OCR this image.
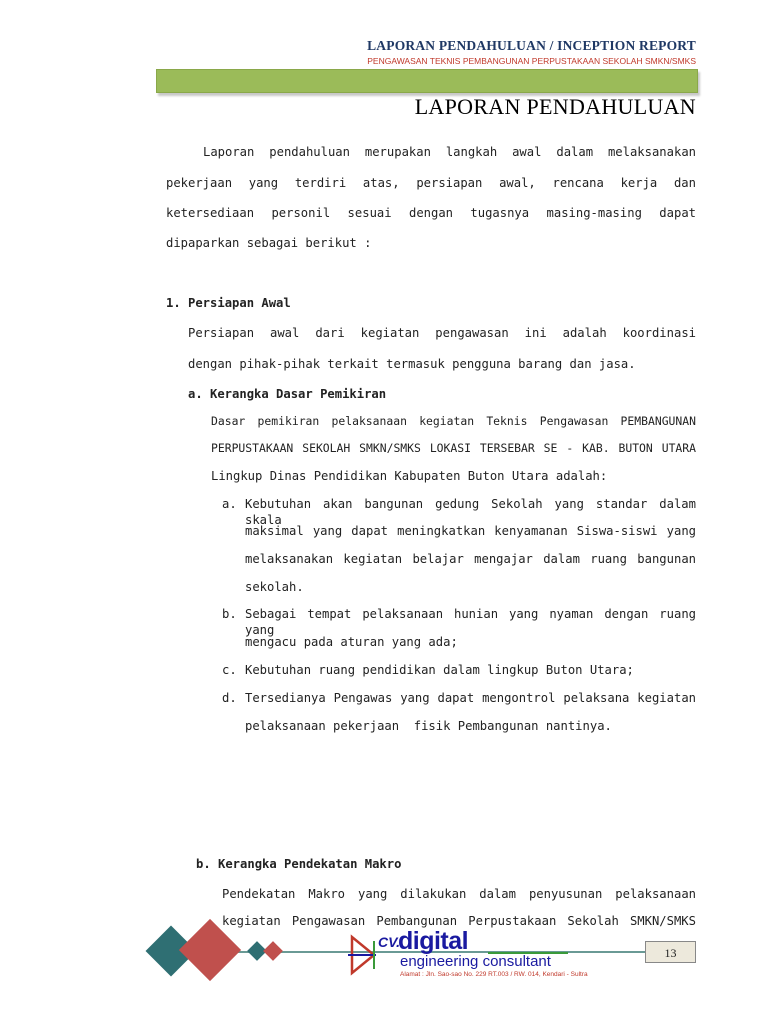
LAPORAN PENDAHULUAN / INCEPTION REPORT
PENGAWASAN TEKNIS PEMBANGUNAN PERPUSTAKAAN SEKOLAH SMKN/SMKS
LAPORAN PENDAHULUAN
Laporan pendahuluan merupakan langkah awal dalam melaksanakan
pekerjaan yang terdiri atas, persiapan awal, rencana kerja dan
ketersediaan personil sesuai dengan tugasnya masing-masing dapat
dipaparkan sebagai berikut :
1. Persiapan Awal
Persiapan awal dari kegiatan pengawasan ini adalah koordinasi
dengan pihak-pihak terkait termasuk pengguna barang dan jasa.
a. Kerangka Dasar Pemikiran
Dasar pemikiran pelaksanaan kegiatan Teknis Pengawasan PEMBANGUNAN
PERPUSTAKAAN SEKOLAH SMKN/SMKS LOKASI TERSEBAR SE - KAB. BUTON UTARA
Lingkup Dinas Pendidikan Kabupaten Buton Utara adalah:
a. Kebutuhan akan bangunan gedung Sekolah yang standar dalam skala
maksimal yang dapat meningkatkan kenyamanan Siswa-siswi yang
melaksanakan kegiatan belajar mengajar dalam ruang bangunan
sekolah.
b. Sebagai tempat pelaksanaan hunian yang nyaman dengan ruang yang
mengacu pada aturan yang ada;
c. Kebutuhan ruang pendidikan dalam lingkup Buton Utara;
d. Tersedianya Pengawas yang dapat mengontrol pelaksana kegiatan
pelaksanaan pekerjaan  fisik Pembangunan nantinya.
b. Kerangka Pendekatan Makro
Pendekatan Makro yang dilakukan dalam penyusunan pelaksanaan
kegiatan Pengawasan Pembangunan Perpustakaan Sekolah SMKN/SMKS
CV.
digital
engineering consultant
Alamat : Jln. Sao-sao No. 229 RT.003 / RW. 014, Kendari - Sultra
13
